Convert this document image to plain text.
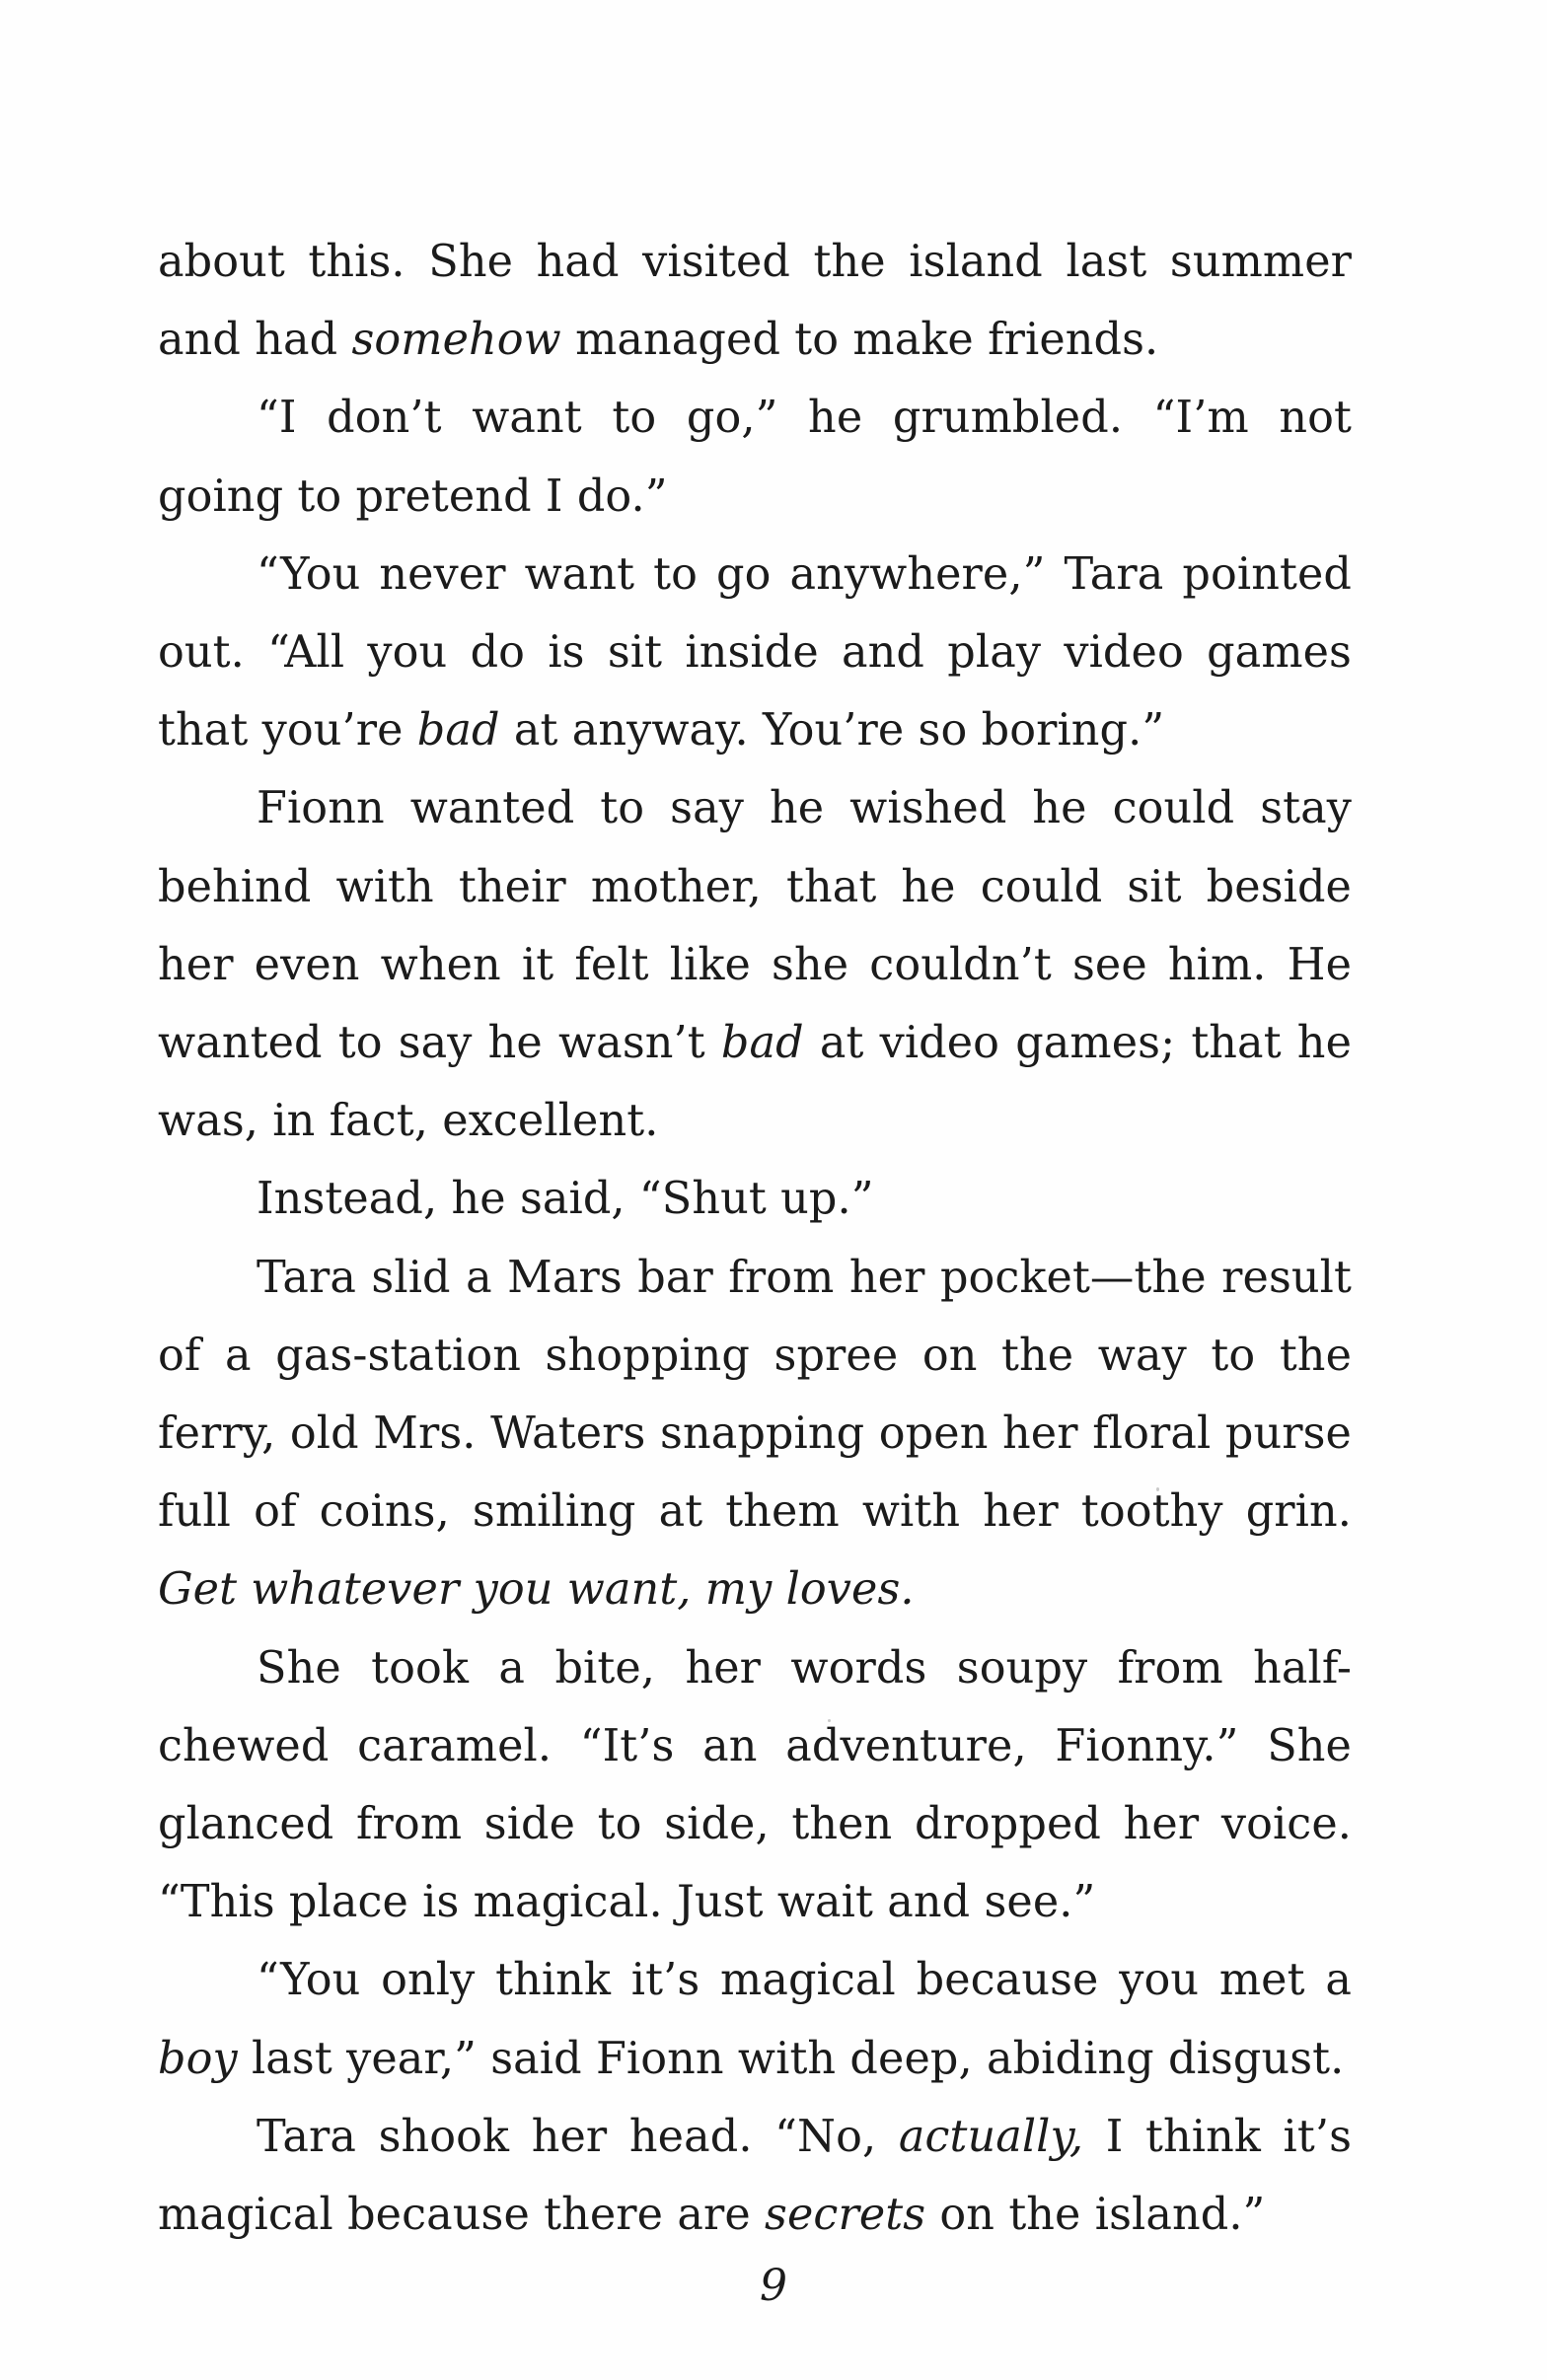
about this. She had visited the island last summer and had somehow managed to make friends.

“I don’t want to go,” he grumbled. “I’m not going to pretend I do.”

“You never want to go anywhere,” Tara pointed out. “All you do is sit inside and play video games that you’re bad at anyway. You’re so boring.”

Fionn wanted to say he wished he could stay behind with their mother, that he could sit beside her even when it felt like she couldn’t see him. He wanted to say he wasn’t bad at video games; that he was, in fact, excellent.

Instead, he said, “Shut up.”

Tara slid a Mars bar from her pocket—the result of a gas-station shopping spree on the way to the ferry, old Mrs. Waters snapping open her floral purse full of coins, smiling at them with her toothy grin. Get whatever you want, my loves.

She took a bite, her words soupy from half-chewed caramel. “It’s an adventure, Fionny.” She glanced from side to side, then dropped her voice. “This place is magical. Just wait and see.”

“You only think it’s magical because you met a boy last year,” said Fionn with deep, abiding disgust.

Tara shook her head. “No, actually, I think it’s magical because there are secrets on the island.”

9
